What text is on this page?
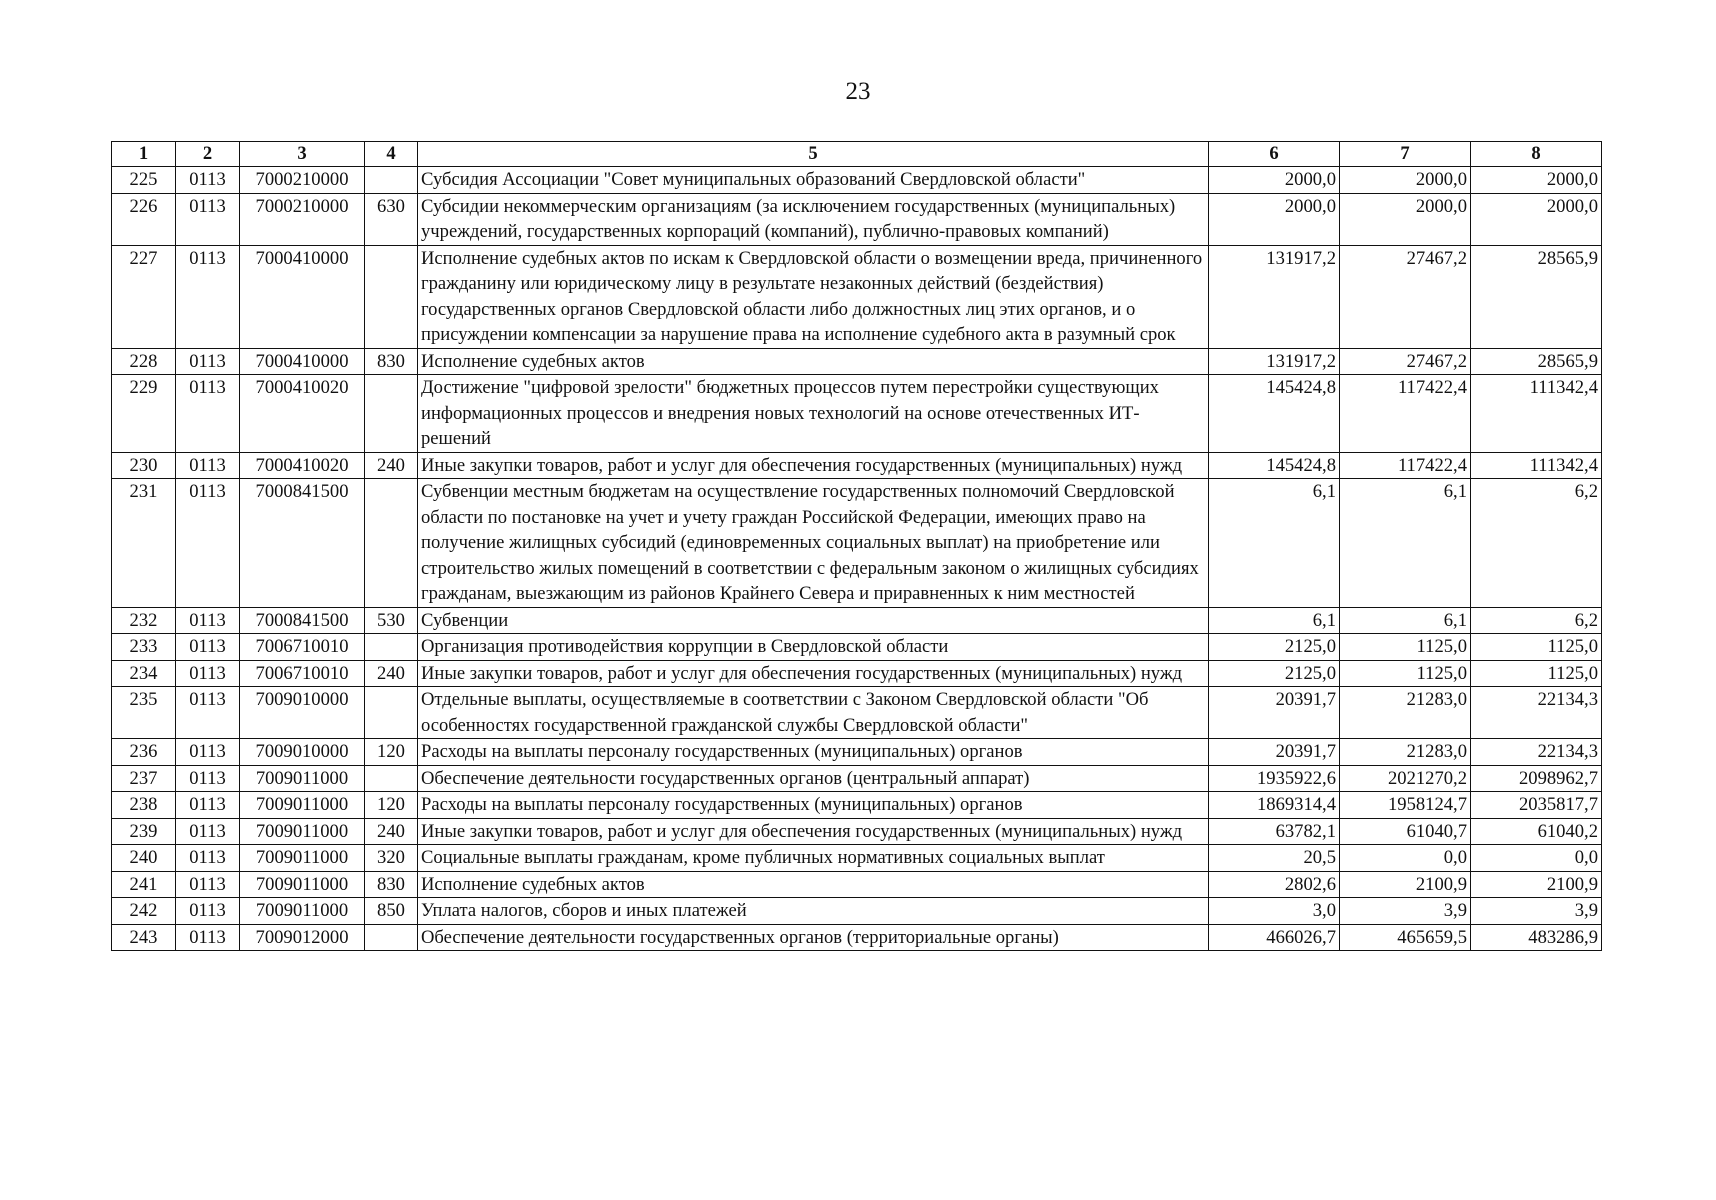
23
1	2	3	4	5	6	7	8
225	0113	7000210000		Субсидия Ассоциации "Совет муниципальных образований Свердловской области"	2000,0	2000,0	2000,0
226	0113	7000210000	630	Субсидии некоммерческим организациям (за исключением государственных (муниципальных) учреждений, государственных корпораций (компаний), публично-правовых компаний)	2000,0	2000,0	2000,0
227	0113	7000410000		Исполнение судебных актов по искам к Свердловской области о возмещении вреда, причиненного гражданину или юридическому лицу в результате незаконных действий (бездействия) государственных органов Свердловской области либо должностных лиц этих органов, и о присуждении компенсации за нарушение права на исполнение судебного акта в разумный срок	131917,2	27467,2	28565,9
228	0113	7000410000	830	Исполнение судебных актов	131917,2	27467,2	28565,9
229	0113	7000410020		Достижение "цифровой зрелости" бюджетных процессов путем перестройки существующих информационных процессов и внедрения новых технологий на основе отечественных ИТ-решений	145424,8	117422,4	111342,4
230	0113	7000410020	240	Иные закупки товаров, работ и услуг для обеспечения государственных (муниципальных) нужд	145424,8	117422,4	111342,4
231	0113	7000841500		Субвенции местным бюджетам на осуществление государственных полномочий Свердловской области по постановке на учет и учету граждан Российской Федерации, имеющих право на получение жилищных субсидий (единовременных социальных выплат) на приобретение или строительство жилых помещений в соответствии с федеральным законом о жилищных субсидиях гражданам, выезжающим из районов Крайнего Севера и приравненных к ним местностей	6,1	6,1	6,2
232	0113	7000841500	530	Субвенции	6,1	6,1	6,2
233	0113	7006710010		Организация противодействия коррупции в Свердловской области	2125,0	1125,0	1125,0
234	0113	7006710010	240	Иные закупки товаров, работ и услуг для обеспечения государственных (муниципальных) нужд	2125,0	1125,0	1125,0
235	0113	7009010000		Отдельные выплаты, осуществляемые в соответствии с Законом Свердловской области "Об особенностях государственной гражданской службы Свердловской области"	20391,7	21283,0	22134,3
236	0113	7009010000	120	Расходы на выплаты персоналу государственных (муниципальных) органов	20391,7	21283,0	22134,3
237	0113	7009011000		Обеспечение деятельности государственных органов (центральный аппарат)	1935922,6	2021270,2	2098962,7
238	0113	7009011000	120	Расходы на выплаты персоналу государственных (муниципальных) органов	1869314,4	1958124,7	2035817,7
239	0113	7009011000	240	Иные закупки товаров, работ и услуг для обеспечения государственных (муниципальных) нужд	63782,1	61040,7	61040,2
240	0113	7009011000	320	Социальные выплаты гражданам, кроме публичных нормативных социальных выплат	20,5	0,0	0,0
241	0113	7009011000	830	Исполнение судебных актов	2802,6	2100,9	2100,9
242	0113	7009011000	850	Уплата налогов, сборов и иных платежей	3,0	3,9	3,9
243	0113	7009012000		Обеспечение деятельности государственных органов (территориальные органы)	466026,7	465659,5	483286,9
